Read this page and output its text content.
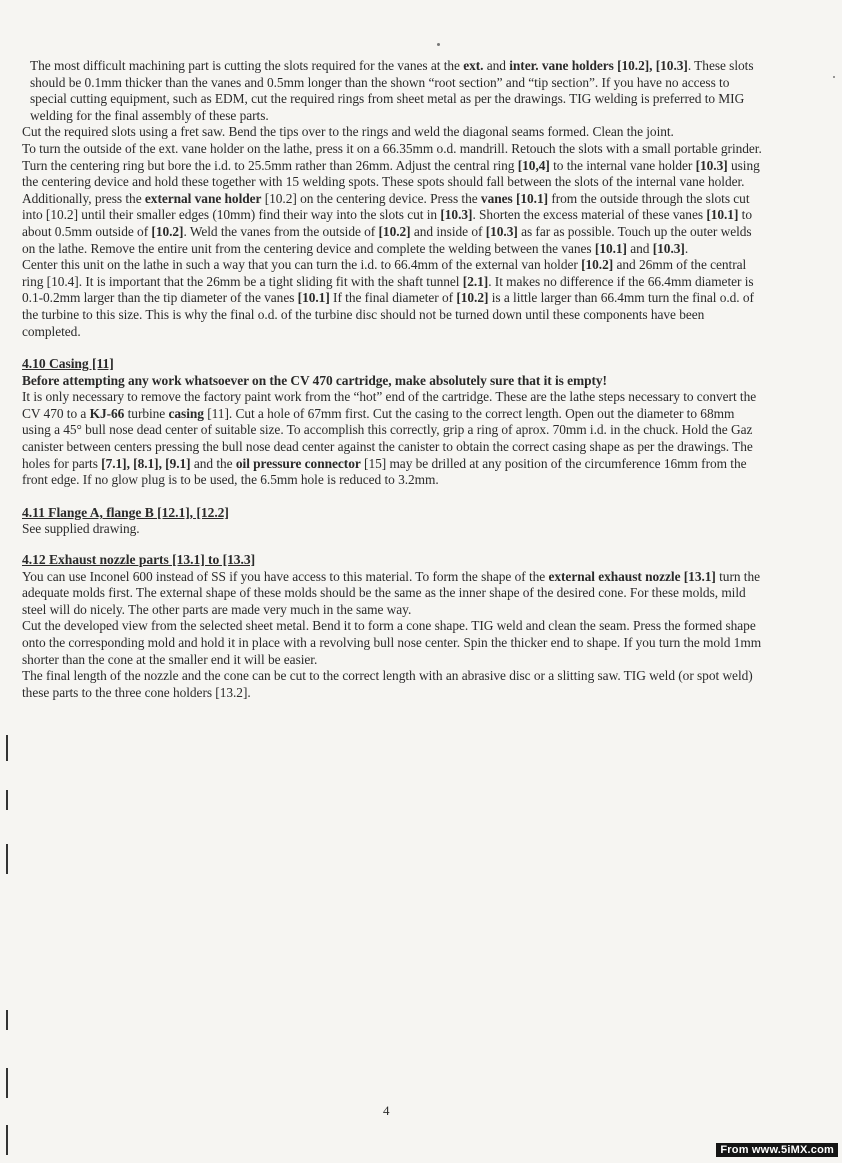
The most difficult machining part is cutting the slots required for the vanes at the ext. and inter. vane holders [10.2], [10.3]. These slots should be 0.1mm thicker than the vanes and 0.5mm longer than the shown “root section” and “tip section”. If you have no access to special cutting equipment, such as EDM, cut the required rings from sheet metal as per the drawings. TIG welding is preferred to MIG welding for the final assembly of these parts.

Cut the required slots using a fret saw. Bend the tips over to the rings and weld the diagonal seams formed. Clean the joint.

To turn the outside of the ext. vane holder on the lathe, press it on a 66.35mm o.d. mandrill. Retouch the slots with a small portable grinder.

Turn the centering ring but bore the i.d. to 25.5mm rather than 26mm. Adjust the central ring [10,4] to the internal vane holder [10.3] using the centering device and hold these together with 15 welding spots. These spots should fall between the slots of the internal vane holder.

Additionally, press the external vane holder [10.2] on the centering device. Press the vanes [10.1] from the outside through the slots cut into [10.2] until their smaller edges (10mm) find their way into the slots cut in [10.3]. Shorten the excess material of these vanes [10.1] to about 0.5mm outside of [10.2]. Weld the vanes from the outside of [10.2] and inside of [10.3] as far as possible. Touch up the outer welds on the lathe. Remove the entire unit from the centering device and complete the welding between the vanes [10.1] and [10.3].

Center this unit on the lathe in such a way that you can turn the i.d. to 66.4mm of the external van holder [10.2] and 26mm of the central ring [10.4]. It is important that the 26mm be a tight sliding fit with the shaft tunnel [2.1]. It makes no difference if the 66.4mm diameter is 0.1-0.2mm larger than the tip diameter of the vanes [10.1] If the final diameter of [10.2] is a little larger than 66.4mm turn the final o.d. of the turbine to this size. This is why the final o.d. of the turbine disc should not be turned down until these components have been completed.

4.10 Casing [11]

Before attempting any work whatsoever on the CV 470 cartridge, make absolutely sure that it is empty!

It is only necessary to remove the factory paint work from the “hot” end of the cartridge. These are the lathe steps necessary to convert the CV 470 to a KJ-66 turbine casing [11]. Cut a hole of 67mm first. Cut the casing to the correct length. Open out the diameter to 68mm using a 45° bull nose dead center of suitable size. To accomplish this correctly, grip a ring of aprox. 70mm i.d. in the chuck. Hold the Gaz canister between centers pressing the bull nose dead center against the canister to obtain the correct casing shape as per the drawings. The holes for parts [7.1], [8.1], [9.1] and the oil pressure connector [15] may be drilled at any position of the circumference 16mm from the front edge. If no glow plug is to be used, the 6.5mm hole is reduced to 3.2mm.

4.11 Flange A, flange B [12.1], [12.2]

See supplied drawing.

4.12 Exhaust nozzle parts [13.1] to [13.3]

You can use Inconel 600 instead of SS if you have access to this material. To form the shape of the external exhaust nozzle [13.1] turn the adequate molds first. The external shape of these molds should be the same as the inner shape of the desired cone. For these molds, mild steel will do nicely. The other parts are made very much in the same way.

Cut the developed view from the selected sheet metal. Bend it to form a cone shape. TIG weld and clean the seam. Press the formed shape onto the corresponding mold and hold it in place with a revolving bull nose center. Spin the thicker end to shape. If you turn the mold 1mm shorter than the cone at the smaller end it will be easier.

The final length of the nozzle and the cone can be cut to the correct length with an abrasive disc or a slitting saw. TIG weld (or spot weld) these parts to the three cone holders [13.2].

4
From www.5iMX.com
